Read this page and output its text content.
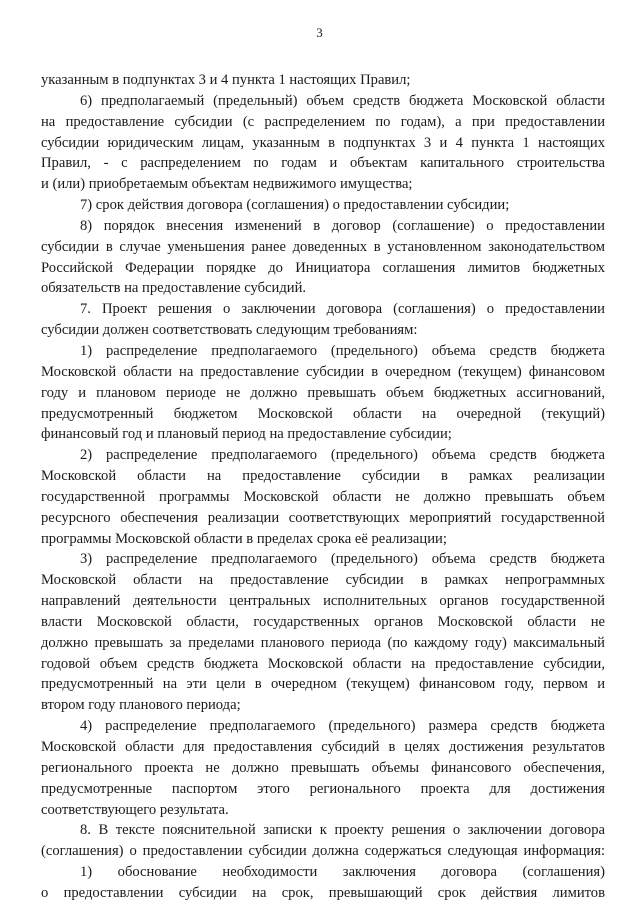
3
указанным в подпунктах 3 и 4 пункта 1 настоящих Правил;
6) предполагаемый (предельный) объем средств бюджета Московской области
на предоставление субсидии (с распределением по годам), а при предоставлении
субсидии юридическим лицам, указанным в подпунктах 3 и 4 пункта 1 настоящих
Правил, - с распределением по годам и объектам капитального строительства
и (или) приобретаемым объектам недвижимого имущества;
7) срок действия договора (соглашения) о предоставлении субсидии;
8) порядок внесения изменений в договор (соглашение) о предоставлении
субсидии в случае уменьшения ранее доведенных в установленном законодательством
Российской Федерации порядке до Инициатора соглашения лимитов бюджетных
обязательств на предоставление субсидий.
7. Проект решения о заключении договора (соглашения) о предоставлении
субсидии должен соответствовать следующим требованиям:
1) распределение предполагаемого (предельного) объема средств бюджета
Московской области на предоставление субсидии в очередном (текущем) финансовом
году и плановом периоде не должно превышать объем бюджетных ассигнований,
предусмотренный бюджетом Московской области на очередной (текущий)
финансовый год и плановый период на предоставление субсидии;
2) распределение предполагаемого (предельного) объема средств бюджета
Московской области на предоставление субсидии в рамках реализации
государственной программы Московской области не должно превышать объем
ресурсного обеспечения реализации соответствующих мероприятий государственной
программы Московской области в пределах срока её реализации;
3) распределение предполагаемого (предельного) объема средств бюджета
Московской области на предоставление субсидии в рамках непрограммных
направлений деятельности центральных исполнительных органов государственной
власти Московской области, государственных органов Московской области не
должно превышать за пределами планового периода (по каждому году) максимальный
годовой объем средств бюджета Московской области на предоставление субсидии,
предусмотренный на эти цели в очередном (текущем) финансовом году, первом и
втором году планового периода;
4) распределение предполагаемого (предельного) размера средств бюджета
Московской области для предоставления субсидий в целях достижения результатов
регионального проекта не должно превышать объемы финансового обеспечения,
предусмотренные паспортом этого регионального проекта для достижения
соответствующего результата.
8. В тексте пояснительной записки к проекту решения о заключении договора
(соглашения) о предоставлении субсидии должна содержаться следующая информация:
1) обоснование необходимости заключения договора (соглашения)
о предоставлении субсидии на срок, превышающий срок действия лимитов
